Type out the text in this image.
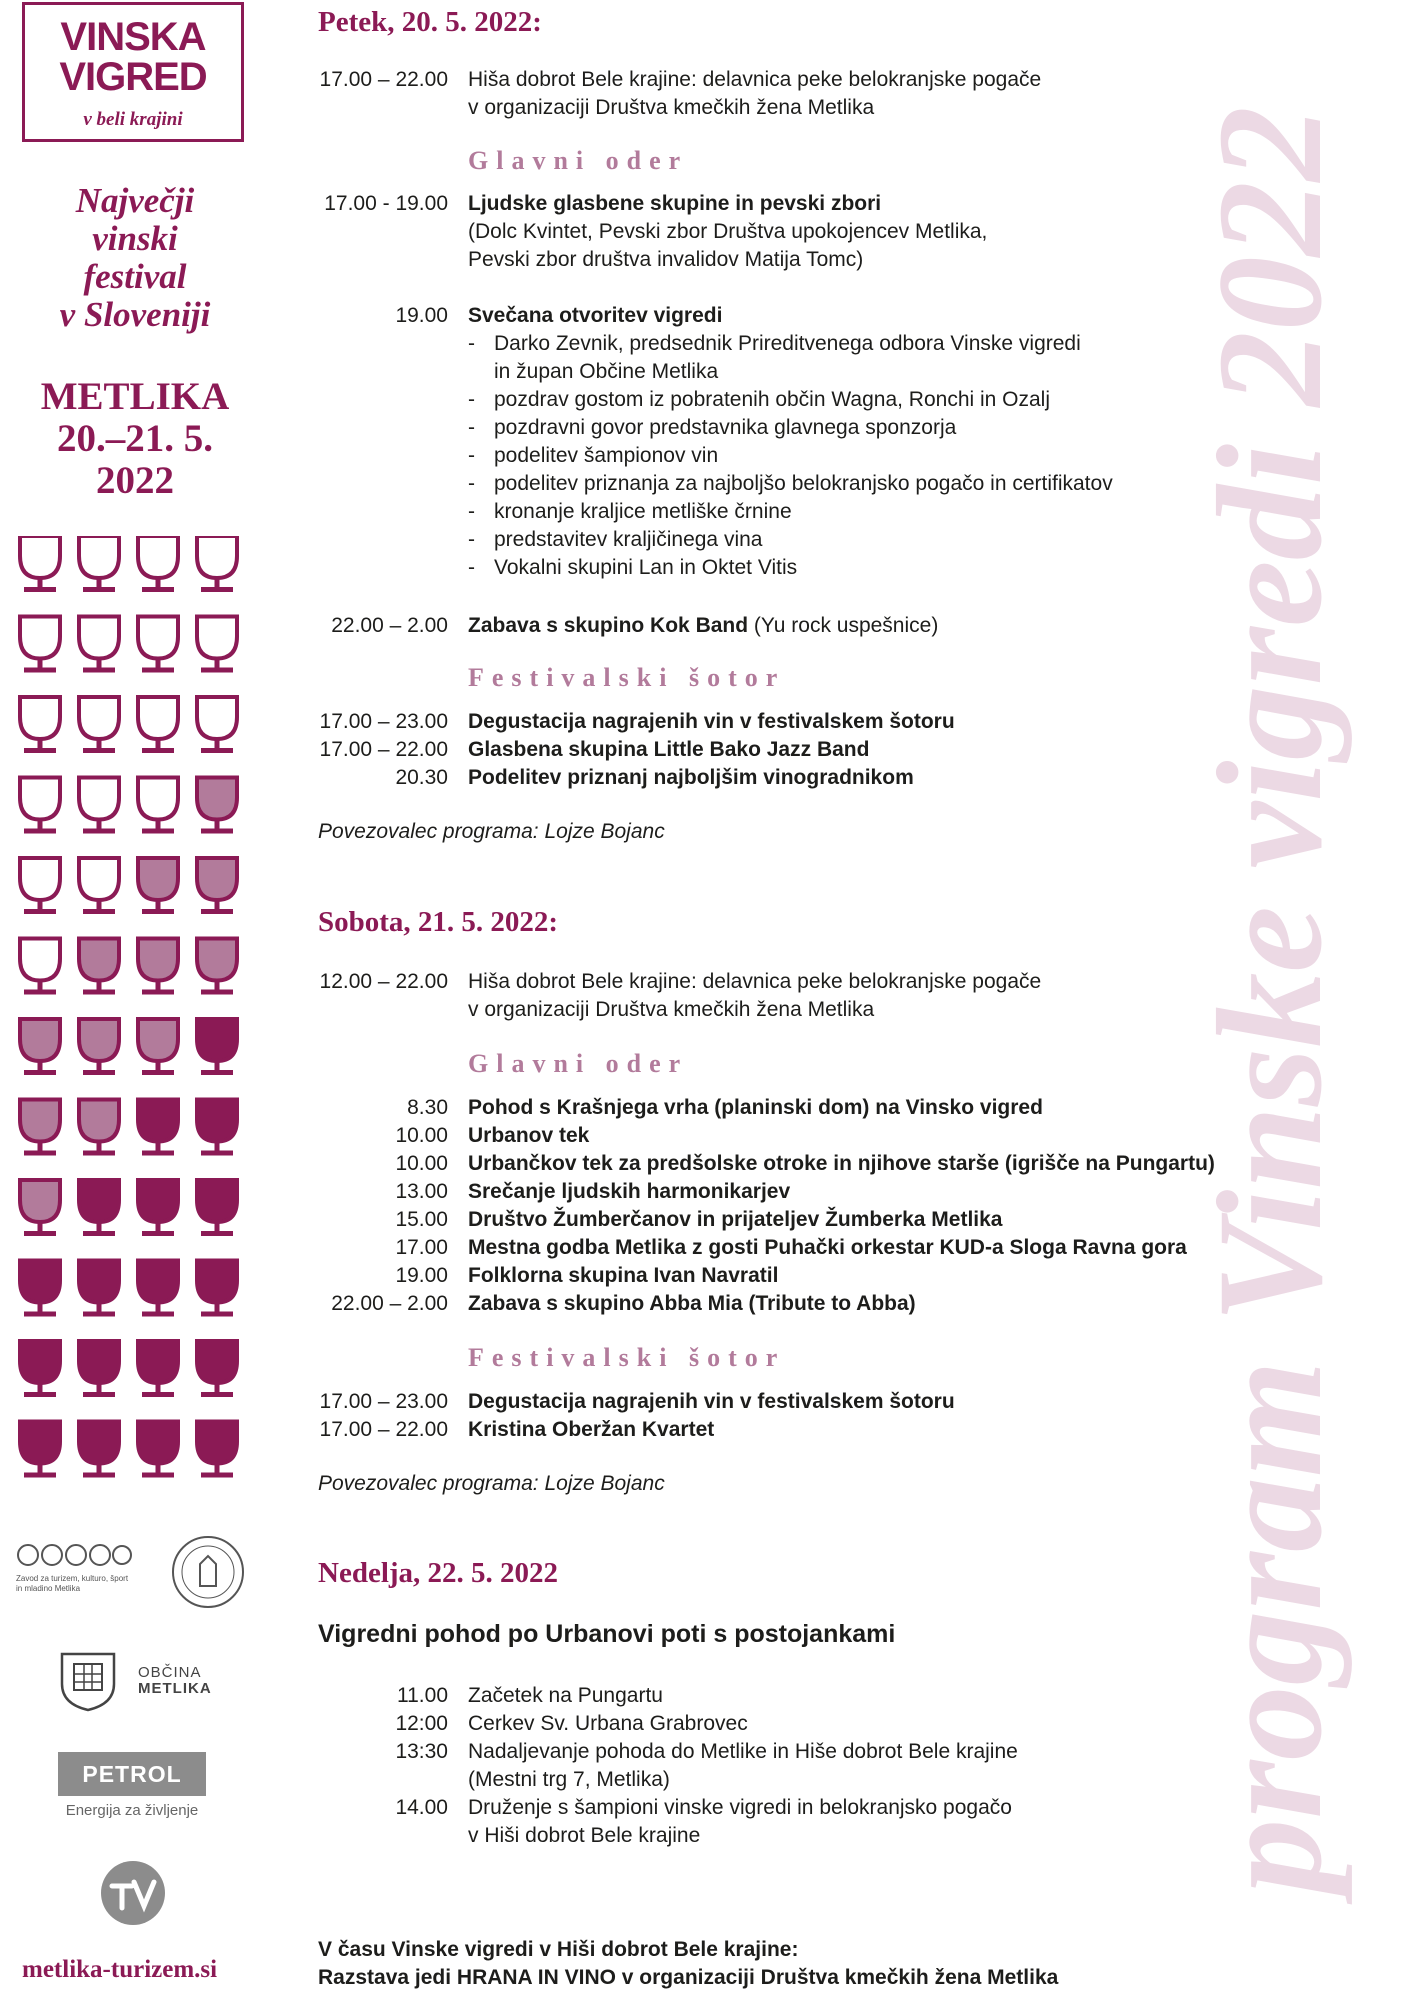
VINSKA
VIGRED
v beli krajini
Največji
vinski
festival
v Sloveniji
METLIKA
20.–21. 5.
2022
Zavod za turizem, kulturo, šport in mladino Metlika
OBČINA
METLIKA
PETROL
Energija za življenje
metlika-turizem.si
program Vinske vigredi 2022
Petek, 20. 5. 2022:
17.00 – 22.00 Hiša dobrot Bele krajine: delavnica peke belokranjske pogače
v organizaciji Društva kmečkih žena Metlika
Glavni oder
17.00 - 19.00 Ljudske glasbene skupine in pevski zbori
(Dolc Kvintet, Pevski zbor Društva upokojencev Metlika,
Pevski zbor društva invalidov Matija Tomc)
19.00 Svečana otvoritev vigredi
- Darko Zevnik, predsednik Prireditvenega odbora Vinske vigredi
in župan Občine Metlika
- pozdrav gostom iz pobratenih občin Wagna, Ronchi in Ozalj
- pozdravni govor predstavnika glavnega sponzorja
- podelitev šampionov vin
- podelitev priznanja za najboljšo belokranjsko pogačo in certifikatov
- kronanje kraljice metliške črnine
- predstavitev kraljičinega vina
- Vokalni skupini Lan in Oktet Vitis
22.00 – 2.00 Zabava s skupino Kok Band (Yu rock uspešnice)
Festivalski šotor
17.00 – 23.00 Degustacija nagrajenih vin v festivalskem šotoru
17.00 – 22.00 Glasbena skupina Little Bako Jazz Band
20.30 Podelitev priznanj najboljšim vinogradnikom
Povezovalec programa: Lojze Bojanc
Sobota, 21. 5. 2022:
12.00 – 22.00 Hiša dobrot Bele krajine: delavnica peke belokranjske pogače
v organizaciji Društva kmečkih žena Metlika
Glavni oder
8.30 Pohod s Krašnjega vrha (planinski dom) na Vinsko vigred
10.00 Urbanov tek
10.00 Urbančkov tek za predšolske otroke in njihove starše (igrišče na Pungartu)
13.00 Srečanje ljudskih harmonikarjev
15.00 Društvo Žumberčanov in prijateljev Žumberka Metlika
17.00 Mestna godba Metlika z gosti Puhački orkestar KUD-a Sloga Ravna gora
19.00 Folklorna skupina Ivan Navratil
22.00 – 2.00 Zabava s skupino Abba Mia (Tribute to Abba)
Festivalski šotor
17.00 – 23.00 Degustacija nagrajenih vin v festivalskem šotoru
17.00 – 22.00 Kristina Oberžan Kvartet
Povezovalec programa: Lojze Bojanc
Nedelja, 22. 5. 2022
Vigredni pohod po Urbanovi poti s postojankami
11.00 Začetek na Pungartu
12:00 Cerkev Sv. Urbana Grabrovec
13:30 Nadaljevanje pohoda do Metlike in Hiše dobrot Bele krajine
(Mestni trg 7, Metlika)
14.00 Druženje s šampioni vinske vigredi in belokranjsko pogačo
v Hiši dobrot Bele krajine
V času Vinske vigredi v Hiši dobrot Bele krajine:
Razstava jedi HRANA IN VINO v organizaciji Društva kmečkih žena Metlika
